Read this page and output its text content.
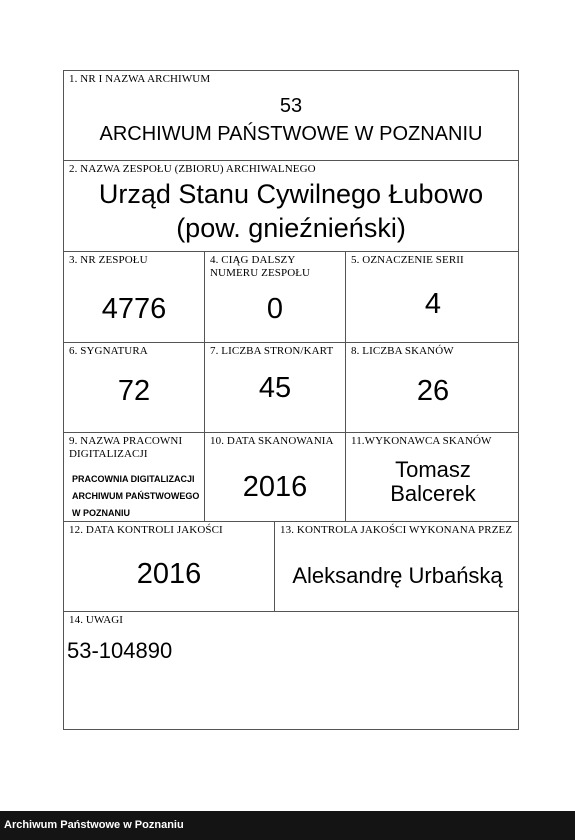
1. NR I NAZWA ARCHIWUM
53
ARCHIWUM PAŃSTWOWE W POZNANIU
2. NAZWA ZESPOŁU (ZBIORU) ARCHIWALNEGO
Urząd Stanu Cywilnego Łubowo
(pow. gnieźnieński)
3. NR ZESPOŁU
4776
4. CIĄG DALSZY NUMERU ZESPOŁU
0
5. OZNACZENIE SERII
4
6. SYGNATURA
72
7. LICZBA STRON/KART
45
8. LICZBA SKANÓW
26
9. NAZWA PRACOWNI DIGITALIZACJI
PRACOWNIA DIGITALIZACJI
ARCHIWUM PAŃSTWOWEGO
W POZNANIU
10. DATA SKANOWANIA
2016
11.WYKONAWCA SKANÓW
Tomasz
Balcerek
12. DATA KONTROLI JAKOŚCI
2016
13. KONTROLA JAKOŚCI WYKONANA PRZEZ
Aleksandrę Urbańską
14. UWAGI
53-104890
Archiwum Państwowe w Poznaniu
